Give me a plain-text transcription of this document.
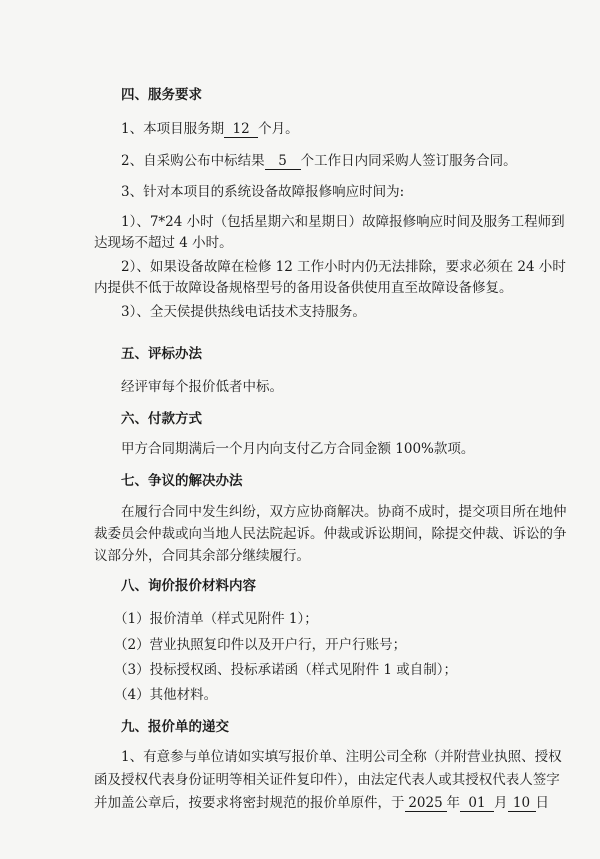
四、服务要求
1、本项目服务期 12 个月。
2、自采购公布中标结果 5 个工作日内同采购人签订服务合同。
3、针对本项目的系统设备故障报修响应时间为:
1）、7*24 小时（包括星期六和星期日）故障报修响应时间及服务工程师到
达现场不超过 4 小时。
2）、如果设备故障在检修 12 工作小时内仍无法排除，要求必须在 24 小时
内提供不低于故障设备规格型号的备用设备供使用直至故障设备修复。
3）、全天侯提供热线电话技术支持服务。
五、评标办法
经评审每个报价低者中标。
六、付款方式
甲方合同期满后一个月内向支付乙方合同金额 100%款项。
七、争议的解决办法
在履行合同中发生纠纷，双方应协商解决。协商不成时，提交项目所在地仲
裁委员会仲裁或向当地人民法院起诉。仲裁或诉讼期间，除提交仲裁、诉讼的争
议部分外，合同其余部分继续履行。
八、询价报价材料内容
（1）报价清单（样式见附件 1）；
（2）营业执照复印件以及开户行，开户行账号；
（3）投标授权函、投标承诺函（样式见附件 1 或自制）；
（4）其他材料。
九、报价单的递交
1、有意参与单位请如实填写报价单、注明公司全称（并附营业执照、授权
函及授权代表身份证明等相关证件复印件），由法定代表人或其授权代表人签字
并加盖公章后，按要求将密封规范的报价单原件，于 2025 年 01 月 10 日
